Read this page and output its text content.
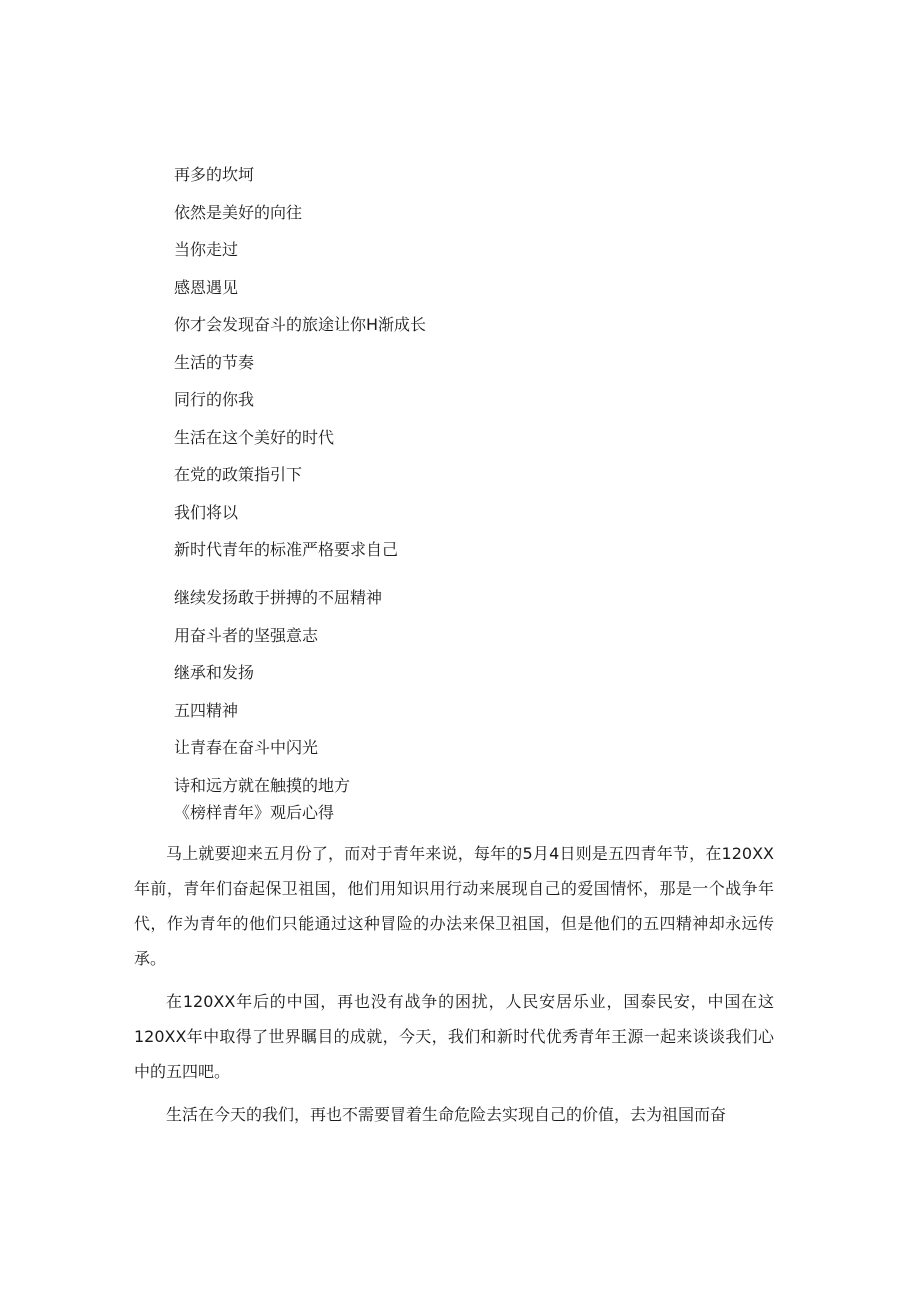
再多的坎坷
依然是美好的向往
当你走过
感恩遇见
你才会发现奋斗的旅途让你H渐成长
生活的节奏
同行的你我
生活在这个美好的时代
在党的政策指引下
我们将以
新时代青年的标准严格要求自己
继续发扬敢于拼搏的不屈精神
用奋斗者的坚强意志
继承和发扬
五四精神
让青春在奋斗中闪光
诗和远方就在触摸的地方
《榜样青年》观后心得

马上就要迎来五月份了，而对于青年来说，每年的5月4日则是五四青年节，在120XX年前，青年们奋起保卫祖国，他们用知识用行动来展现自己的爱国情怀，那是一个战争年代，作为青年的他们只能通过这种冒险的办法来保卫祖国，但是他们的五四精神却永远传承。

在120XX年后的中国，再也没有战争的困扰，人民安居乐业，国泰民安，中国在这120XX年中取得了世界瞩目的成就，今天，我们和新时代优秀青年王源一起来谈谈我们心中的五四吧。

生活在今天的我们，再也不需要冒着生命危险去实现自己的价值，去为祖国而奋
